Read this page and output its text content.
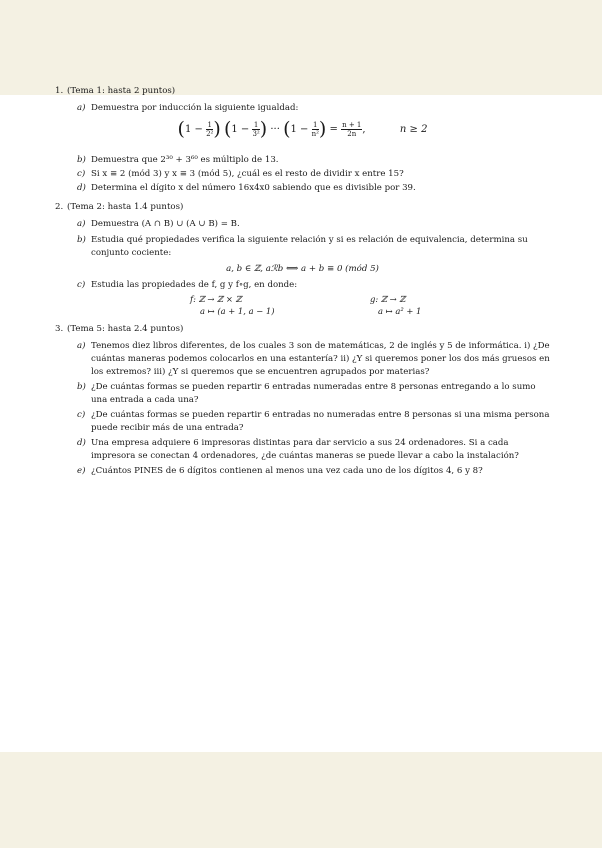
1. (Tema 1: hasta 2 puntos)
a) Demuestra por inducción la siguiente igualdad:
($1 - \frac{1}{\text{2²}}$ ) ($1 - \frac{1}{\text{3²}}$ ) ··· ($1 - \frac{1}{\text{n²}}$ ) = $\frac{n + 1}{2n}$ ,	n ≥ 2
b) Demuestra que 2³⁰ + 3⁶⁰ es múltiplo de 13.
c) Si x ≡ 2 (mód 3) y x ≡ 3 (mód 5), ¿cuál es el resto de dividir x entre 15?
d) Determina el dígito x del número 16x4x0 sabiendo que es divisible por 39.
2. (Tema 2: hasta 1.4 puntos)
a) Demuestra (A ∩ B) ∪ (A ∪ B) = B.
b) Estudia qué propiedades verifica la siguiente relación y si es relación de equivalencia, determina su conjunto cociente:
a, b ∈ ℤ, aℛb ⟺ a + b ≡ 0 (mód 5)
c) Estudia las propiedades de f, g y f∘g, en donde:
f: ℤ → ℤ × ℤ
a ↦ (a + 1, a − 1)
g: ℤ → ℤ
a ↦ a² + 1
3. (Tema 5: hasta 2.4 puntos)
a) Tenemos diez libros diferentes, de los cuales 3 son de matemáticas, 2 de inglés y 5 de informática. i) ¿De cuántas maneras podemos colocarlos en una estantería? ii) ¿Y si queremos poner los dos más gruesos en los extremos? iii) ¿Y si queremos que se encuentren agrupados por materias?
b) ¿De cuántas formas se pueden repartir 6 entradas numeradas entre 8 personas entregando a lo sumo una entrada a cada una?
c) ¿De cuántas formas se pueden repartir 6 entradas no numeradas entre 8 personas si una misma persona puede recibir más de una entrada?
d) Una empresa adquiere 6 impresoras distintas para dar servicio a sus 24 ordenadores. Si a cada impresora se conectan 4 ordenadores, ¿de cuántas maneras se puede llevar a cabo la instalación?
e) ¿Cuántos PINES de 6 dígitos contienen al menos una vez cada uno de los dígitos 4, 6 y 8?
